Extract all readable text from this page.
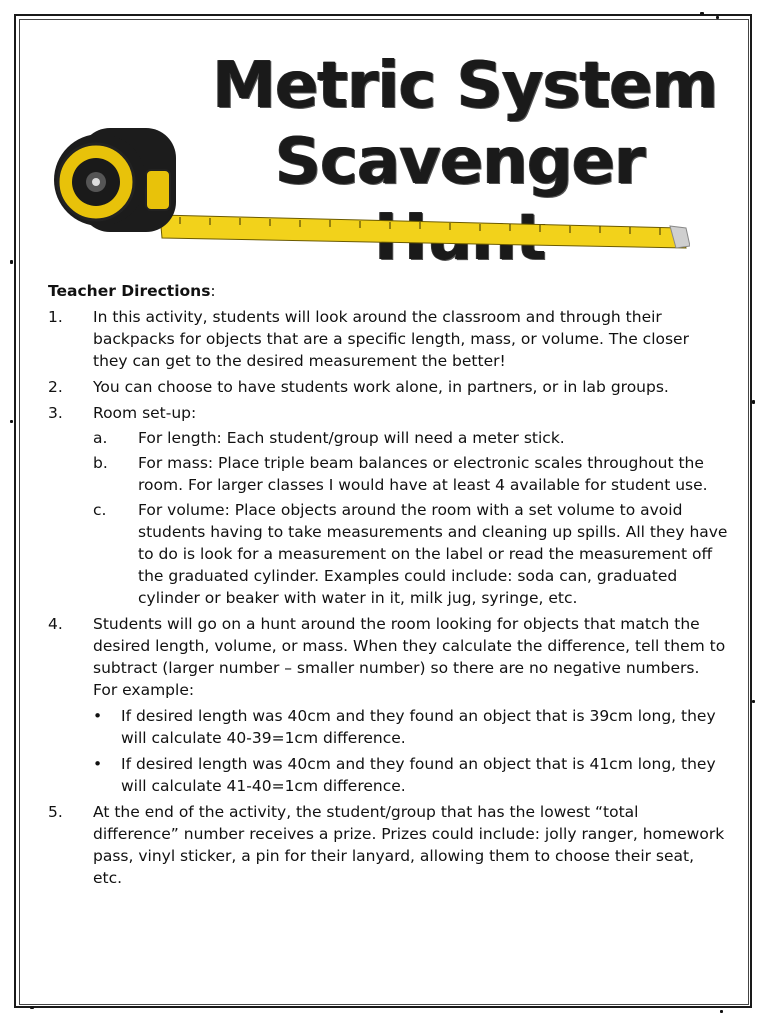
Metric System
Scavenger
Teacher Directions:
1. In this activity, students will look around the classroom and through their backpacks for objects that are a specific length, mass, or volume. The closer they can get to the desired measurement the better!
2. You can choose to have students work alone, in partners, or in lab groups.
3. Room set-up:
a. For length: Each student/group will need a meter stick.
b. For mass: Place triple beam balances or electronic scales throughout the room. For larger classes I would have at least 4 available for student use.
c. For volume: Place objects around the room with a set volume to avoid students having to take measurements and cleaning up spills. All they have to do is look for a measurement on the label or read the measurement off the graduated cylinder. Examples could include: soda can, graduated cylinder or beaker with water in it, milk jug, syringe, etc.
4. Students will go on a hunt around the room looking for objects that match the desired length, volume, or mass. When they calculate the difference, tell them to subtract (larger number – smaller number) so there are no negative numbers. For example:
• If desired length was 40cm and they found an object that is 39cm long, they will calculate 40-39=1cm difference.
• If desired length was 40cm and they found an object that is 41cm long, they will calculate 41-40=1cm difference.
5. At the end of the activity, the student/group that has the lowest “total difference” number receives a prize. Prizes could include: jolly ranger, homework pass, vinyl sticker, a pin for their lanyard, allowing them to choose their seat, etc.
